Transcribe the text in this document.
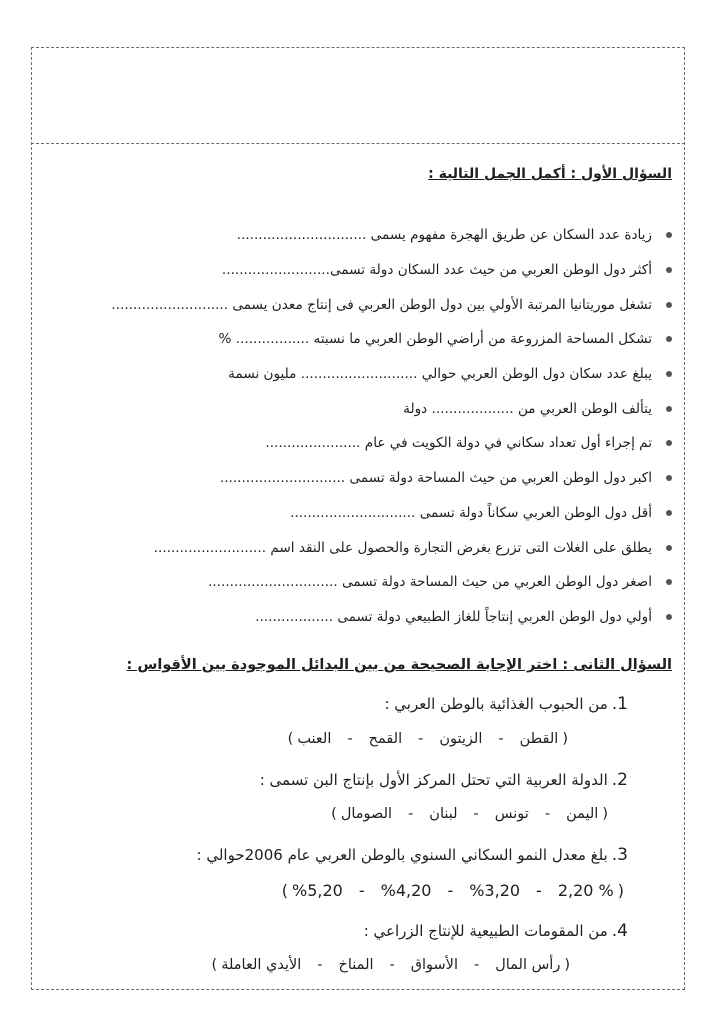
السؤال الأول : أكمل الجمل التالية :
زيادة عدد السكان عن طريق الهجرة مفهوم يسمى ..............................
أكثر دول الوطن العربي من حيث عدد السكان دولة تسمى.........................
تشغل موريتانيا المرتبة الأولي بين دول الوطن العربي فى إنتاج معدن يسمى ...........................
تشكل المساحة المزروعة من أراضي الوطن العربي ما نسبته ................. %
يبلغ عدد سكان دول الوطن العربي حوالي ........................... مليون نسمة
يتألف الوطن العربي من ................... دولة
تم إجراء أول تعداد سكاني في دولة الكويت في عام ......................
اكبر دول الوطن العربي من حيث المساحة دولة تسمى .............................
أقل دول الوطن العربي سكاناً دولة تسمى .............................
يطلق على الغلات التى تزرع بغرض التجارة والحصول على النقد اسم ..........................
اصغر دول الوطن العربي من حيث المساحة دولة تسمى ..............................
أولي دول الوطن العربي إنتاجاً للغاز الطبيعي دولة تسمى ..................
السؤال الثانى : اختر الإجابة الصحيحة من بين البدائل الموجودة بين الأقواس :
1.من الحبوب الغذائية بالوطن العربي :
(
القطن
-
الزيتون
-
القمح
-
العنب
)
2.الدولة العربية التي تحتل المركز الأول بإنتاج البن تسمى :
(
اليمن
-
تونس
-
لبنان
-
الصومال
)
3.بلغ معدل النمو السكاني السنوي بالوطن العربي عام 2006حوالي :
(
% 2,20
-
%3,20
-
%4,20
-
%5,20
)
4.من المقومات الطبيعية للإنتاج الزراعي :
(
رأس المال
-
الأسواق
-
المناخ
-
الأيدي العاملة
)
